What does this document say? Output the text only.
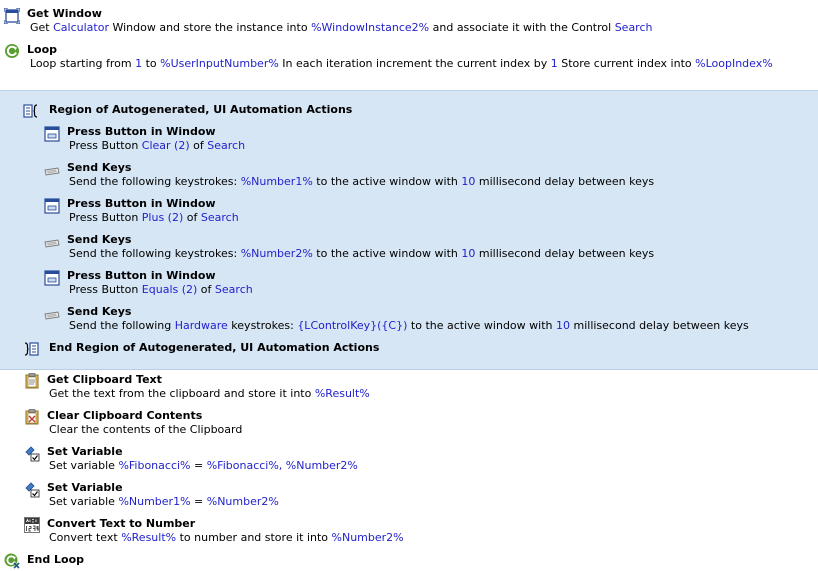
Get Window
Get Calculator Window and store the instance into %WindowInstance2% and associate it with the Control Search
Loop
Loop starting from 1 to %UserInputNumber% In each iteration increment the current index by 1 Store current index into %LoopIndex%
Region of Autogenerated, UI Automation Actions
Press Button in Window
Press Button Clear (2) of Search
Send Keys
Send the following keystrokes: %Number1% to the active window with 10 millisecond delay between keys
Press Button in Window
Press Button Plus (2) of Search
Send Keys
Send the following keystrokes: %Number2% to the active window with 10 millisecond delay between keys
Press Button in Window
Press Button Equals (2) of Search
Send Keys
Send the following Hardware keystrokes: {LControlKey}({C}) to the active window with 10 millisecond delay between keys
End Region of Autogenerated, UI Automation Actions
Get Clipboard Text
Get the text from the clipboard and store it into %Result%
Clear Clipboard Contents
Clear the contents of the Clipboard
Set Variable
Set variable %Fibonacci% = %Fibonacci%, %Number2%
Set Variable
Set variable %Number1% = %Number2%
Convert Text to Number
Convert text %Result% to number and store it into %Number2%
End Loop
